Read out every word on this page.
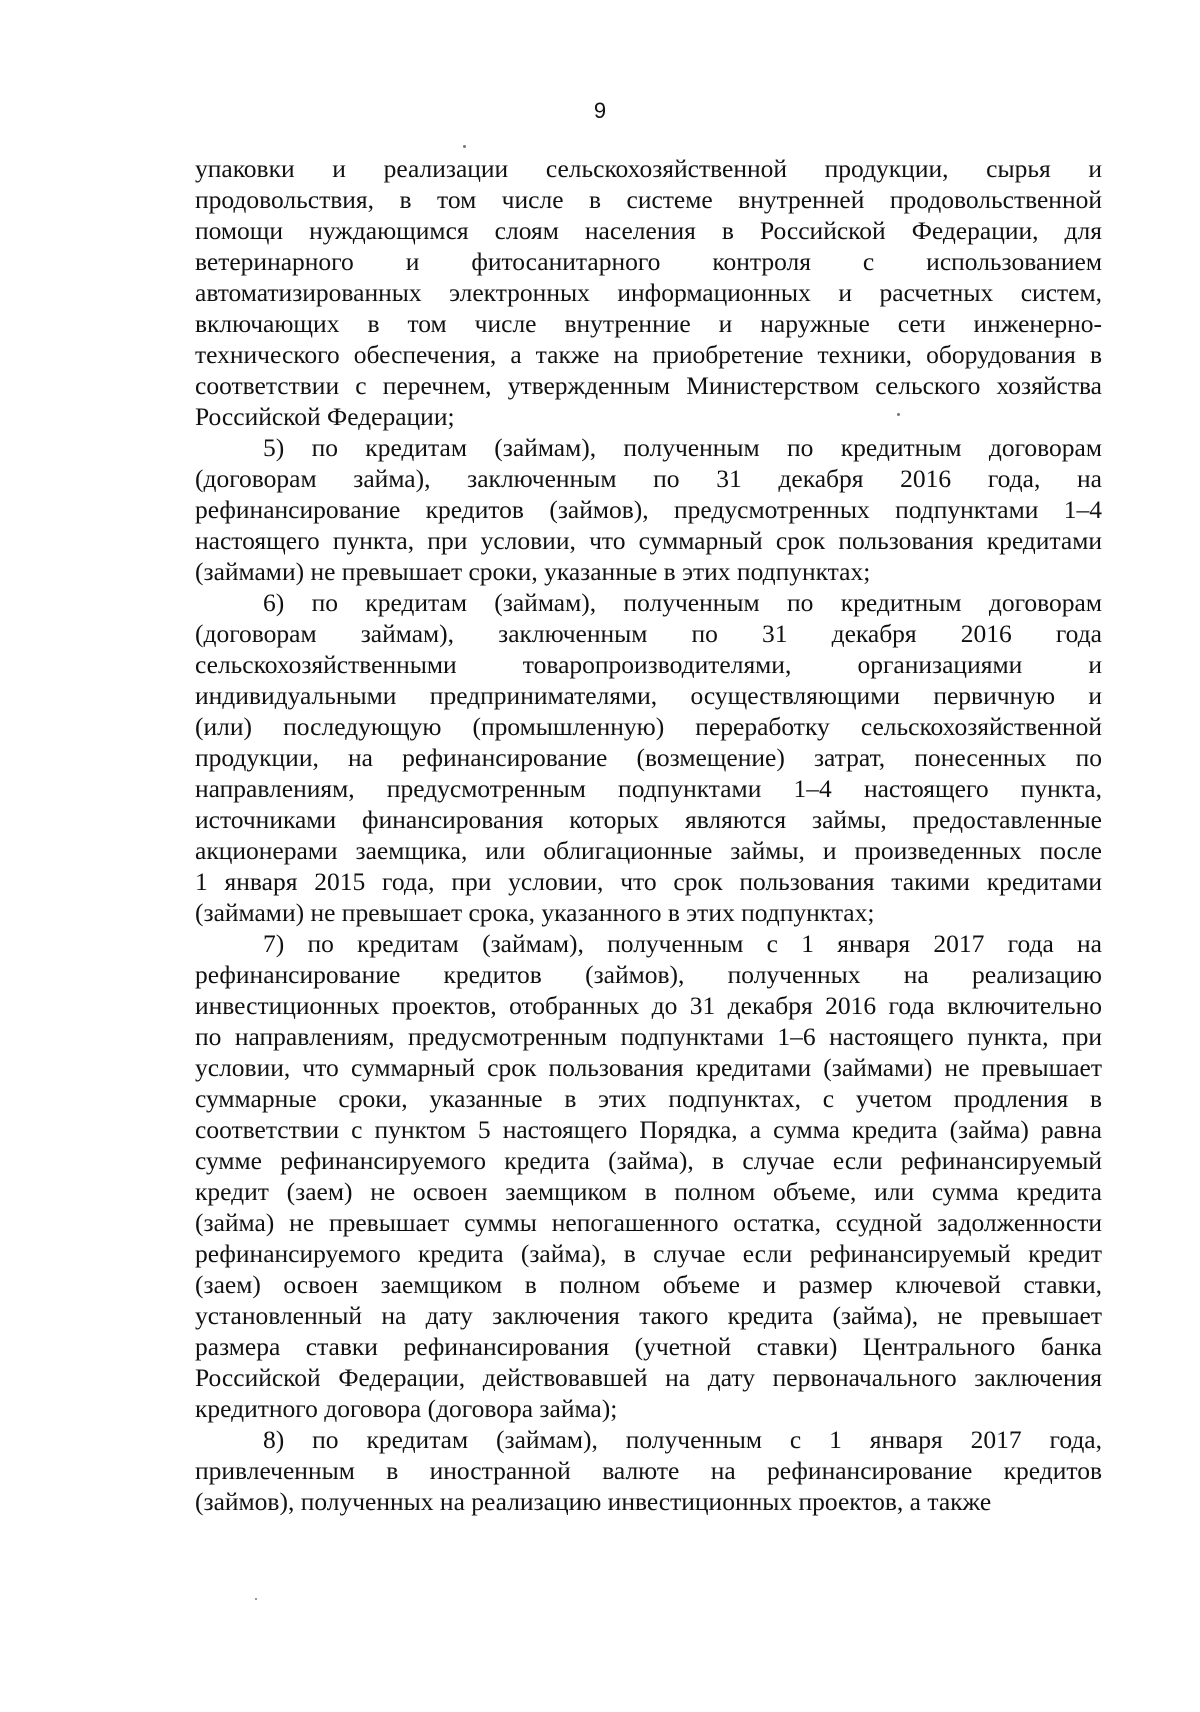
9
упаковки и реализации сельскохозяйственной продукции, сырья и
продовольствия, в том числе в системе внутренней продовольственной
помощи нуждающимся слоям населения в Российской Федерации, для
ветеринарного и фитосанитарного контроля с использованием
автоматизированных электронных информационных и расчетных систем,
включающих в том числе внутренние и наружные сети инженерно-
технического обеспечения, а также на приобретение техники, оборудования в
соответствии с перечнем, утвержденным Министерством сельского хозяйства
Российской Федерации;
5) по кредитам (займам), полученным по кредитным договорам
(договорам займа), заключенным по 31 декабря 2016 года, на
рефинансирование кредитов (займов), предусмотренных подпунктами 1–4
настоящего пункта, при условии, что суммарный срок пользования кредитами
(займами) не превышает сроки, указанные в этих подпунктах;
6) по кредитам (займам), полученным по кредитным договорам
(договорам займам), заключенным по 31 декабря 2016 года
сельскохозяйственными товаропроизводителями, организациями и
индивидуальными предпринимателями, осуществляющими первичную и
(или) последующую (промышленную) переработку сельскохозяйственной
продукции, на рефинансирование (возмещение) затрат, понесенных по
направлениям, предусмотренным подпунктами 1–4 настоящего пункта,
источниками финансирования которых являются займы, предоставленные
акционерами заемщика, или облигационные займы, и произведенных после
1 января 2015 года, при условии, что срок пользования такими кредитами
(займами) не превышает срока, указанного в этих подпунктах;
7) по кредитам (займам), полученным с 1 января 2017 года на
рефинансирование кредитов (займов), полученных на реализацию
инвестиционных проектов, отобранных до 31 декабря 2016 года включительно
по направлениям, предусмотренным подпунктами 1–6 настоящего пункта, при
условии, что суммарный срок пользования кредитами (займами) не превышает
суммарные сроки, указанные в этих подпунктах, с учетом продления в
соответствии с пунктом 5 настоящего Порядка, а сумма кредита (займа) равна
сумме рефинансируемого кредита (займа), в случае если рефинансируемый
кредит (заем) не освоен заемщиком в полном объеме, или сумма кредита
(займа) не превышает суммы непогашенного остатка, ссудной задолженности
рефинансируемого кредита (займа), в случае если рефинансируемый кредит
(заем) освоен заемщиком в полном объеме и размер ключевой ставки,
установленный на дату заключения такого кредита (займа), не превышает
размера ставки рефинансирования (учетной ставки) Центрального банка
Российской Федерации, действовавшей на дату первоначального заключения
кредитного договора (договора займа);
8) по кредитам (займам), полученным с 1 января 2017 года,
привлеченным в иностранной валюте на рефинансирование кредитов
(займов), полученных на реализацию инвестиционных проектов, а также
